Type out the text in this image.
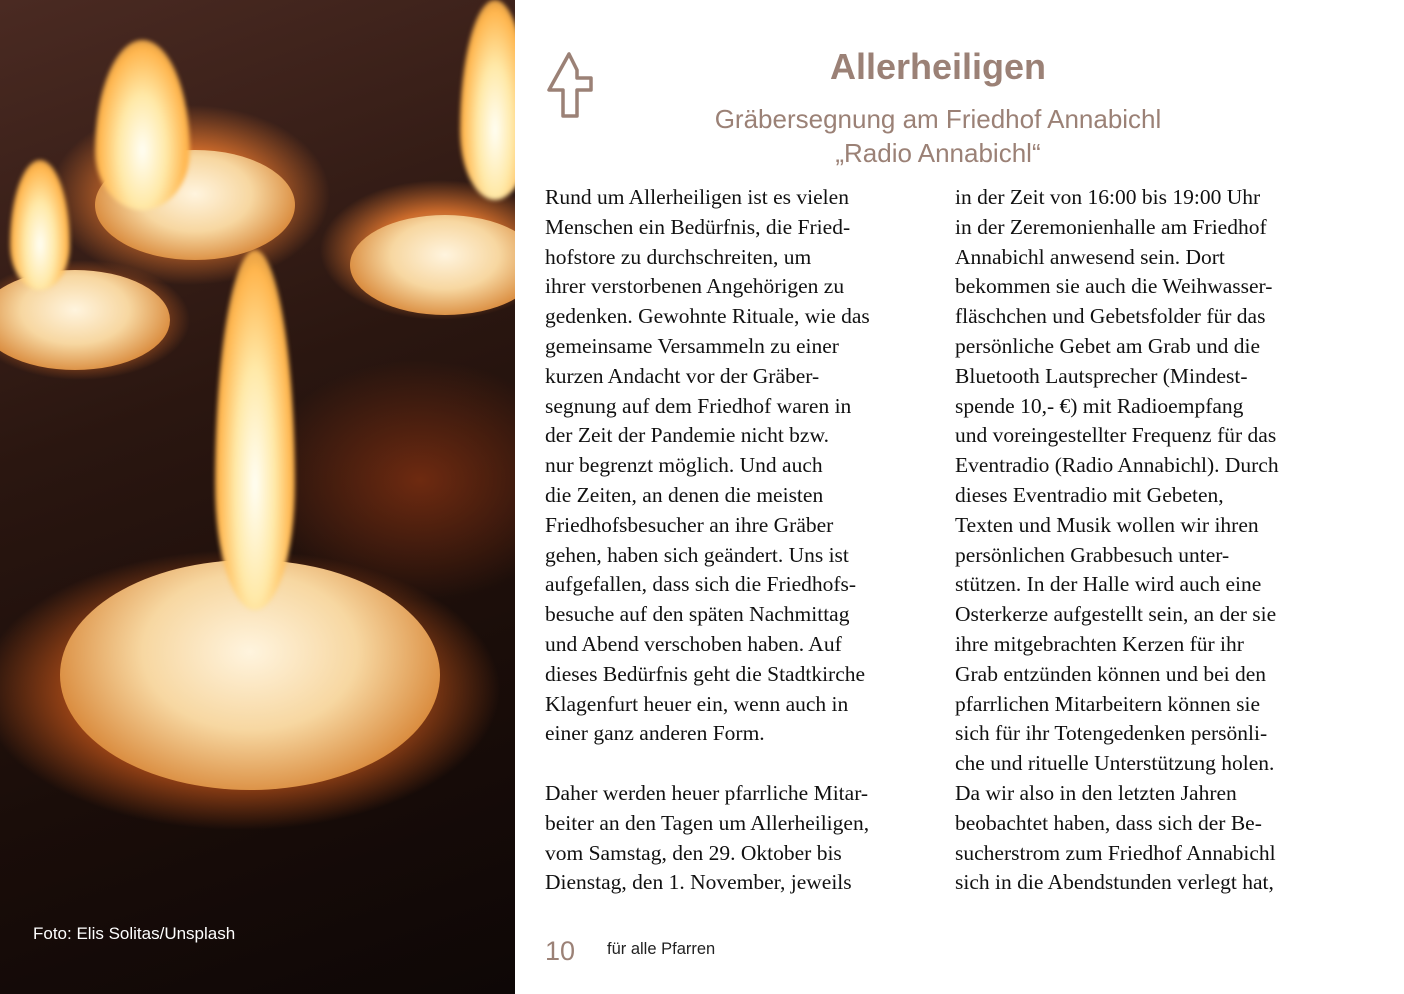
Foto: Elis Solitas/Unsplash
Allerheiligen
Gräbersegnung am Friedhof Annabichl
„Radio Annabichl“
Rund um Allerheiligen ist es vielen
Menschen ein Bedürfnis, die Fried-
hofstore zu durchschreiten, um
ihrer verstorbenen Angehörigen zu
gedenken. Gewohnte Rituale, wie das
gemeinsame Versammeln zu einer
kurzen Andacht vor der Gräber-
segnung auf dem Friedhof waren in
der Zeit der Pandemie nicht bzw.
nur begrenzt möglich. Und auch
die Zeiten, an denen die meisten
Friedhofsbesucher an ihre Gräber
gehen, haben sich geändert. Uns ist
aufgefallen, dass sich die Friedhofs-
besuche auf den späten Nachmittag
und Abend verschoben haben. Auf
dieses Bedürfnis geht die Stadtkirche
Klagenfurt heuer ein, wenn auch in
einer ganz anderen Form.
Daher werden heuer pfarrliche Mitar-
beiter an den Tagen um Allerheiligen,
vom Samstag, den 29. Oktober bis
Dienstag, den 1. November, jeweils
in der Zeit von 16:00 bis 19:00 Uhr
in der Zeremonienhalle am Friedhof
Annabichl anwesend sein. Dort
bekommen sie auch die Weihwasser-
fläschchen und Gebetsfolder für das
persönliche Gebet am Grab und die
Bluetooth Lautsprecher (Mindest-
spende 10,- €) mit Radioempfang
und voreingestellter Frequenz für das
Eventradio (Radio Annabichl). Durch
dieses Eventradio mit Gebeten,
Texten und Musik wollen wir ihren
persönlichen Grabbesuch unter-
stützen. In der Halle wird auch eine
Osterkerze aufgestellt sein, an der sie
ihre mitgebrachten Kerzen für ihr
Grab entzünden können und bei den
pfarrlichen Mitarbeitern können sie
sich für ihr Totengedenken persönli-
che und rituelle Unterstützung holen.
Da wir also in den letzten Jahren
beobachtet haben, dass sich der Be-
sucherstrom zum Friedhof Annabichl
sich in die Abendstunden verlegt hat,
10 für alle Pfarren
